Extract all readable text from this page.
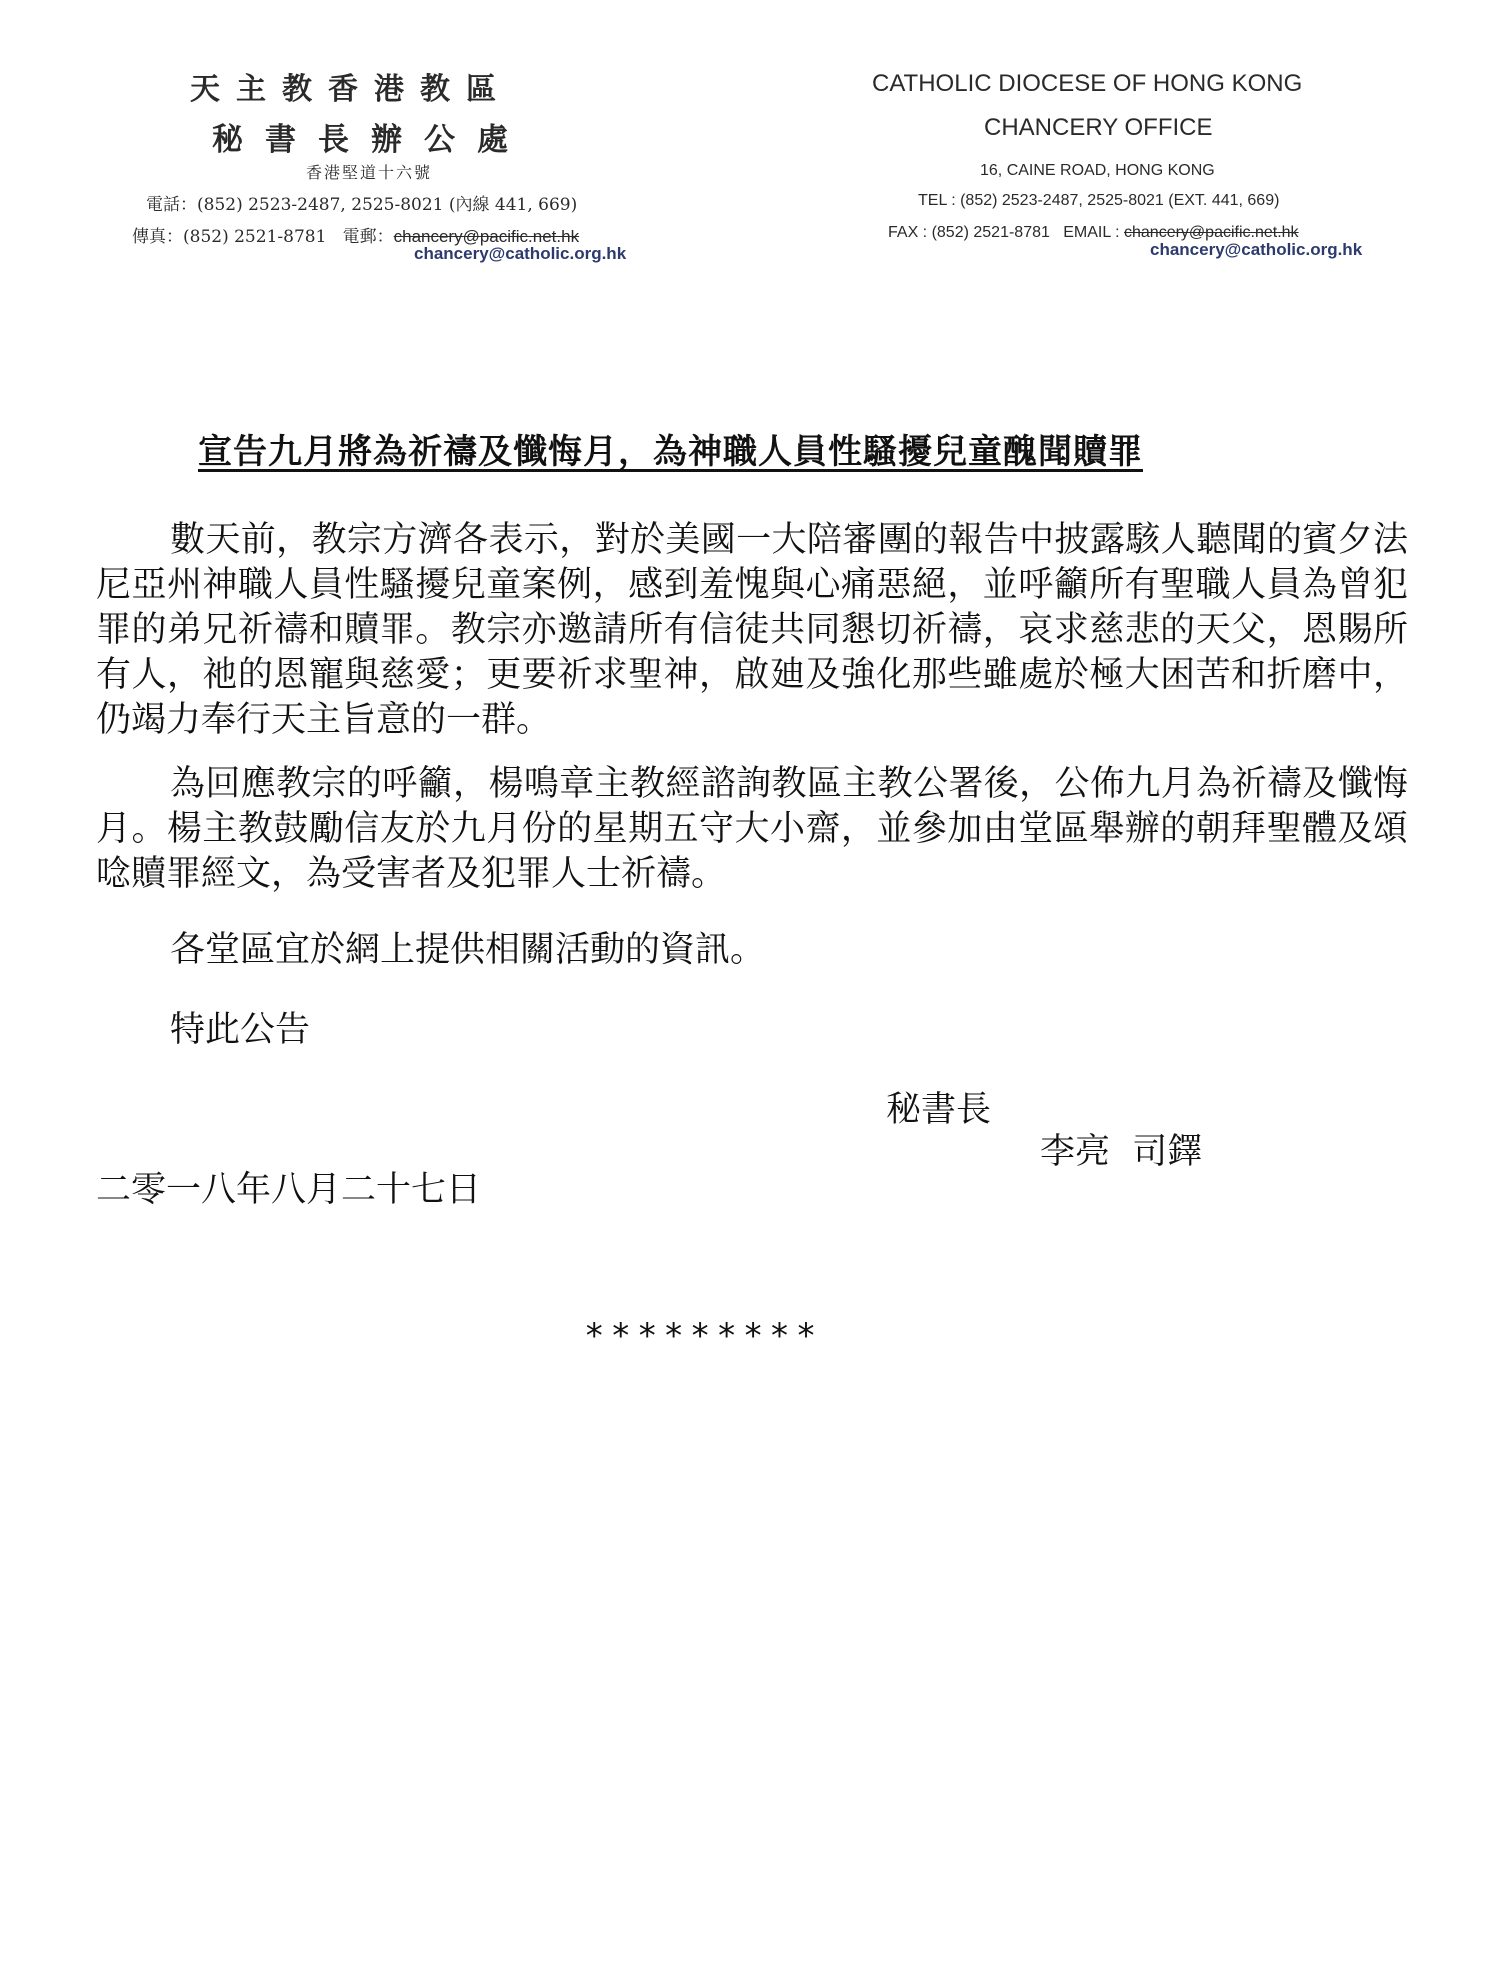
天主教香港教區
秘書長辦公處
香港堅道十六號
電話：(852) 2523-2487, 2525-8021 (內線 441, 669)
傳真：(852) 2521-8781 電郵：chancery@pacific.net.hk
chancery@catholic.org.hk
CATHOLIC DIOCESE OF HONG KONG
CHANCERY OFFICE
16, CAINE ROAD, HONG KONG
TEL : (852) 2523-2487, 2525-8021 (EXT. 441, 669)
FAX : (852) 2521-8781 EMAIL : chancery@pacific.net.hk
chancery@catholic.org.hk
宣告九月將為祈禱及懺悔月，為神職人員性騷擾兒童醜聞贖罪

數天前，教宗方濟各表示，對於美國一大陪審團的報告中披露駭人聽聞的賓夕法尼亞州神職人員性騷擾兒童案例，感到羞愧與心痛惡絕，並呼籲所有聖職人員為曾犯罪的弟兄祈禱和贖罪。教宗亦邀請所有信徒共同懇切祈禱，哀求慈悲的天父，恩賜所有人，祂的恩寵與慈愛；更要祈求聖神，啟廸及強化那些雖處於極大困苦和折磨中，仍竭力奉行天主旨意的一群。

為回應教宗的呼籲，楊鳴章主教經諮詢教區主教公署後，公佈九月為祈禱及懺悔月。楊主教鼓勵信友於九月份的星期五守大小齋，並參加由堂區舉辦的朝拜聖體及頌唸贖罪經文，為受害者及犯罪人士祈禱。

各堂區宜於網上提供相關活動的資訊。
特此公告
秘書長
李亮  司鐸
二零一八年八月二十七日
*********
